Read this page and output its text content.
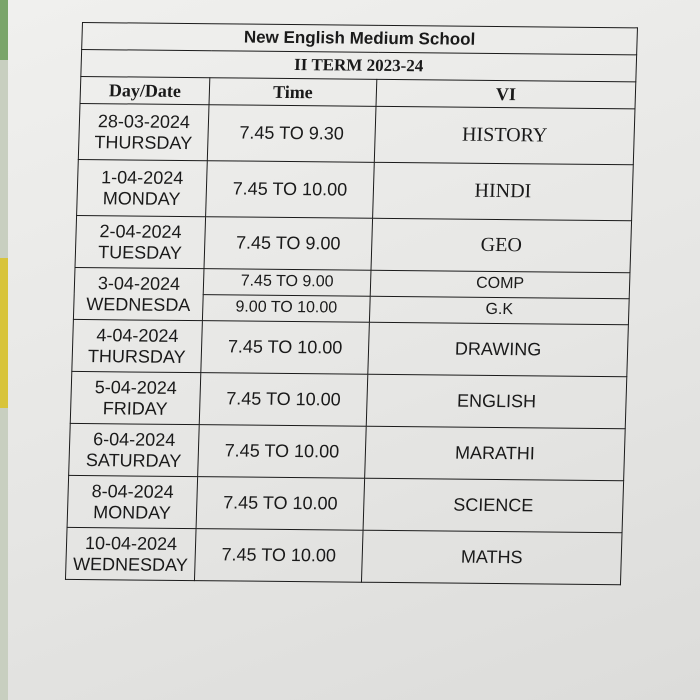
New English Medium School		
II TERM 2023-24		
Day/Date	Time	VI
28-03-2024
THURSDAY	7.45 TO 9.30	HISTORY
1-04-2024
MONDAY	7.45 TO 10.00	HINDI
2-04-2024
TUESDAY	7.45 TO 9.00	GEO
3-04-2024
WEDNESDA	7.45 TO 9.00	COMP
	9.00 TO 10.00	G.K
4-04-2024
THURSDAY	7.45 TO 10.00	DRAWING
5-04-2024
FRIDAY	7.45 TO 10.00	ENGLISH
6-04-2024
SATURDAY	7.45 TO 10.00	MARATHI
8-04-2024
MONDAY	7.45 TO 10.00	SCIENCE
10-04-2024
WEDNESDAY	7.45 TO 10.00	MATHS
